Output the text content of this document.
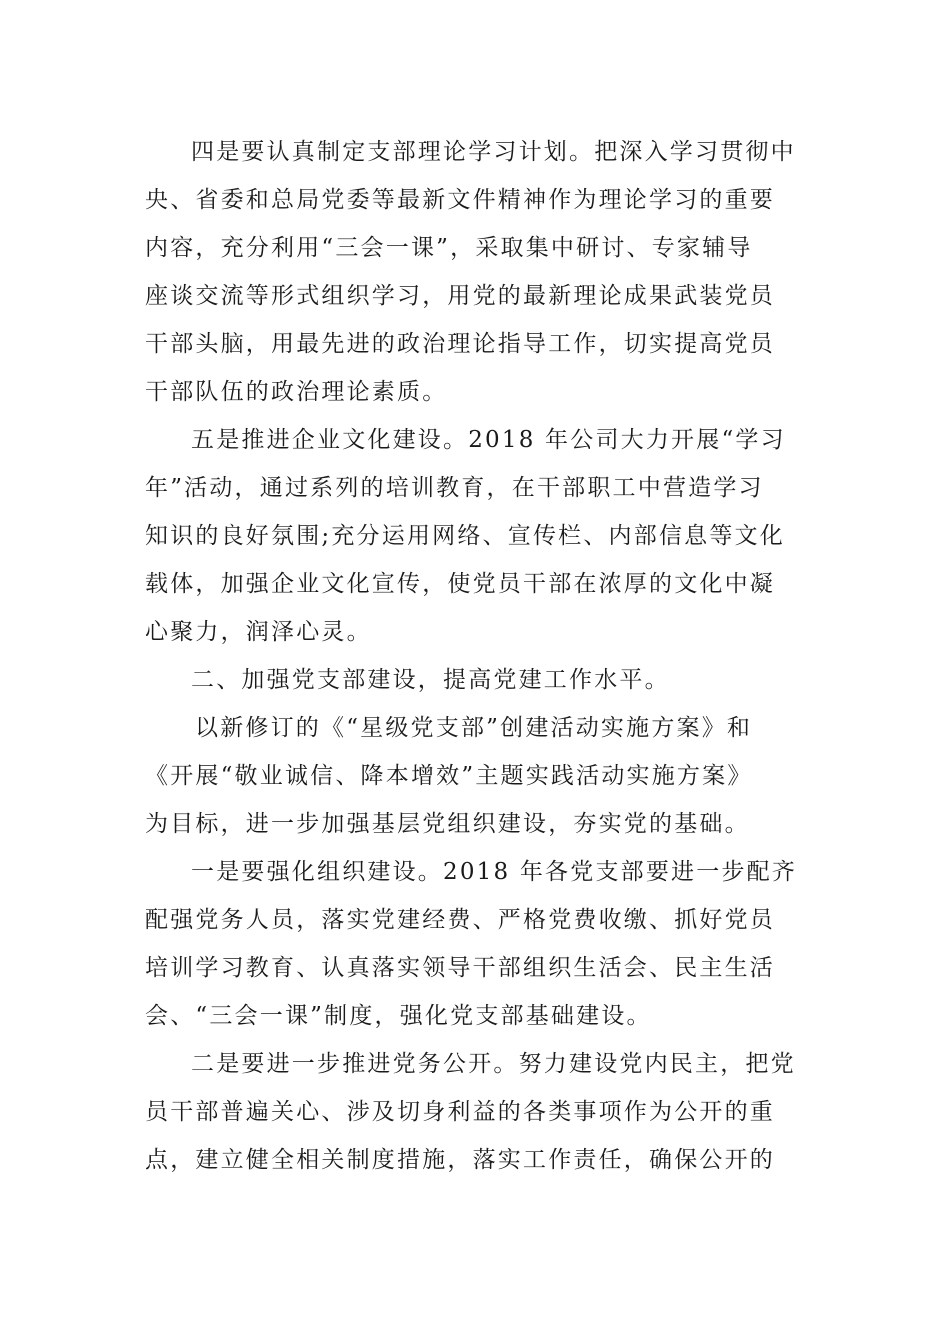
四是要认真制定支部理论学习计划。把深入学习贯彻中
央、省委和总局党委等最新文件精神作为理论学习的重要
内容，充分利用“三会一课”，采取集中研讨、专家辅导
座谈交流等形式组织学习，用党的最新理论成果武装党员
干部头脑，用最先进的政治理论指导工作，切实提高党员
干部队伍的政治理论素质。
五是推进企业文化建设。2018 年公司大力开展“学习
年”活动，通过系列的培训教育，在干部职工中营造学习
知识的良好氛围;充分运用网络、宣传栏、内部信息等文化
载体，加强企业文化宣传，使党员干部在浓厚的文化中凝
心聚力，润泽心灵。
二、加强党支部建设，提高党建工作水平。
以新修订的《“星级党支部”创建活动实施方案》和
《开展“敬业诚信、降本增效”主题实践活动实施方案》
为目标，进一步加强基层党组织建设，夯实党的基础。
一是要强化组织建设。2018 年各党支部要进一步配齐
配强党务人员，落实党建经费、严格党费收缴、抓好党员
培训学习教育、认真落实领导干部组织生活会、民主生活
会、“三会一课”制度，强化党支部基础建设。
二是要进一步推进党务公开。努力建设党内民主，把党
员干部普遍关心、涉及切身利益的各类事项作为公开的重
点，建立健全相关制度措施，落实工作责任，确保公开的
